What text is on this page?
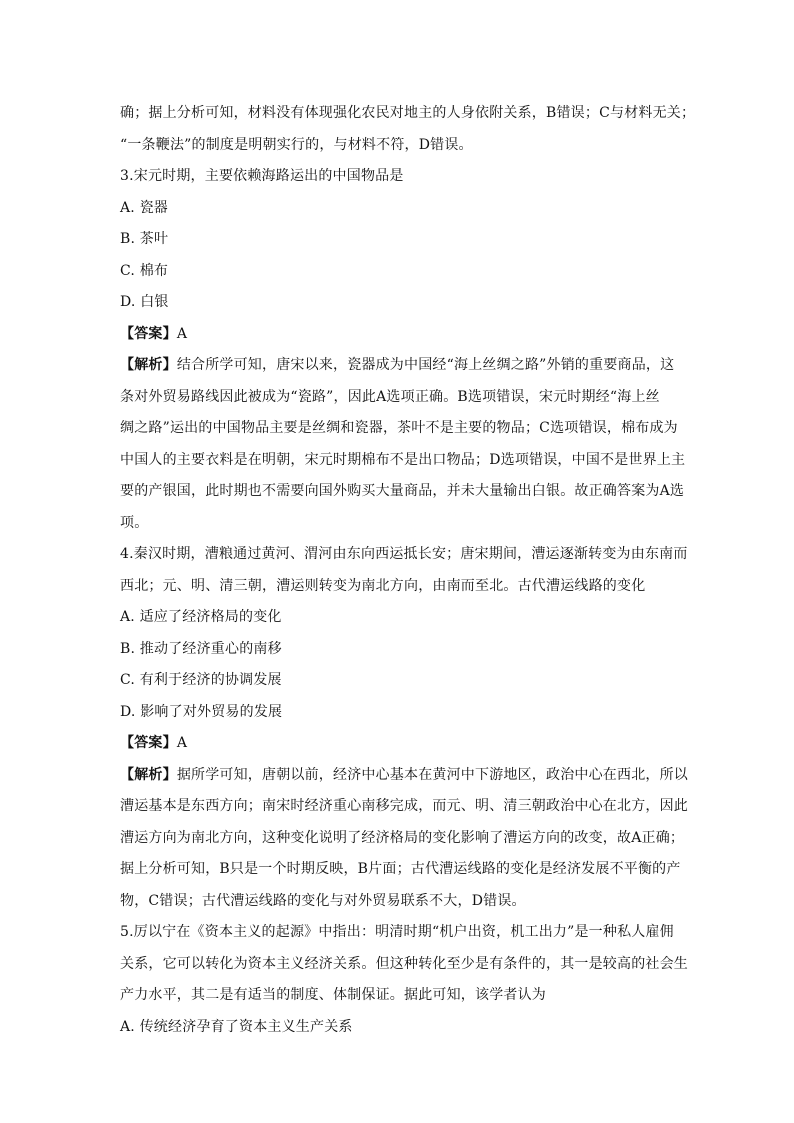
确；据上分析可知，材料没有体现强化农民对地主的人身依附关系，B错误；C与材料无关；
“一条鞭法”的制度是明朝实行的，与材料不符，D错误。
3.宋元时期，主要依赖海路运出的中国物品是
A. 瓷器
B. 茶叶
C. 棉布
D. 白银
【答案】A
【解析】结合所学可知，唐宋以来，瓷器成为中国经“海上丝绸之路”外销的重要商品，这
条对外贸易路线因此被成为“瓷路”，因此A选项正确。B选项错误，宋元时期经“海上丝
绸之路”运出的中国物品主要是丝绸和瓷器，茶叶不是主要的物品；C选项错误，棉布成为
中国人的主要衣料是在明朝，宋元时期棉布不是出口物品；D选项错误，中国不是世界上主
要的产银国，此时期也不需要向国外购买大量商品，并未大量输出白银。故正确答案为A选
项。
4.秦汉时期，漕粮通过黄河、渭河由东向西运抵长安；唐宋期间，漕运逐渐转变为由东南而
西北；元、明、清三朝，漕运则转变为南北方向，由南而至北。古代漕运线路的变化
A. 适应了经济格局的变化
B. 推动了经济重心的南移
C. 有利于经济的协调发展
D. 影响了对外贸易的发展
【答案】A
【解析】据所学可知，唐朝以前，经济中心基本在黄河中下游地区，政治中心在西北，所以
漕运基本是东西方向；南宋时经济重心南移完成，而元、明、清三朝政治中心在北方，因此
漕运方向为南北方向，这种变化说明了经济格局的变化影响了漕运方向的改变，故A正确；
据上分析可知，B只是一个时期反映，B片面；古代漕运线路的变化是经济发展不平衡的产
物，C错误；古代漕运线路的变化与对外贸易联系不大，D错误。
5.厉以宁在《资本主义的起源》中指出：明清时期“机户出资，机工出力”是一种私人雇佣
关系，它可以转化为资本主义经济关系。但这种转化至少是有条件的，其一是较高的社会生
产力水平，其二是有适当的制度、体制保证。据此可知，该学者认为
A. 传统经济孕育了资本主义生产关系
